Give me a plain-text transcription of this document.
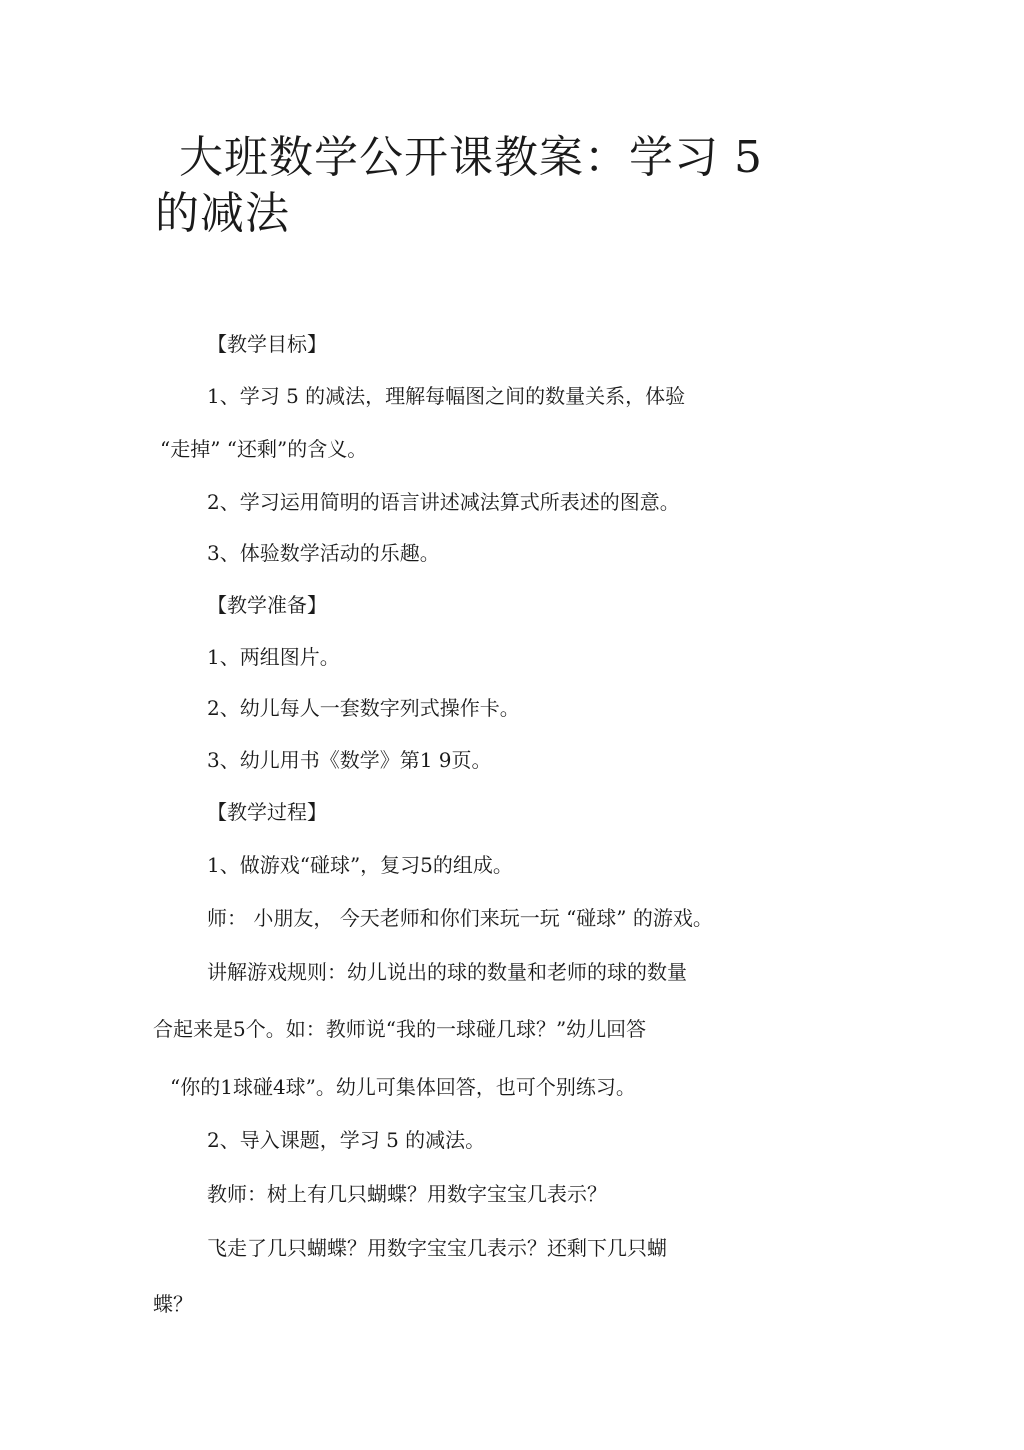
大班数学公开课教案：学习 5
的减法

【教学目标】

1、学习 5 的减法，理解每幅图之间的数量关系，体验

“走掉” “还剩”的含义。

2、学习运用简明的语言讲述减法算式所表述的图意。

3、体验数学活动的乐趣。

【教学准备】

1、两组图片。

2、幼儿每人一套数字列式操作卡。

3、幼儿用书《数学》第1 9页。

【教学过程】

1、做游戏“碰球”，复习5的组成。

师： 小朋友， 今天老师和你们来玩一玩 “碰球” 的游戏。

讲解游戏规则：幼儿说出的球的数量和老师的球的数量

合起来是5个。如：教师说“我的一球碰几球？”幼儿回答

“你的1球碰4球”。幼儿可集体回答，也可个别练习。

2、导入课题，学习 5 的减法。

教师：树上有几只蝴蝶？用数字宝宝几表示？

飞走了几只蝴蝶？用数字宝宝几表示？还剩下几只蝴

蝶？
